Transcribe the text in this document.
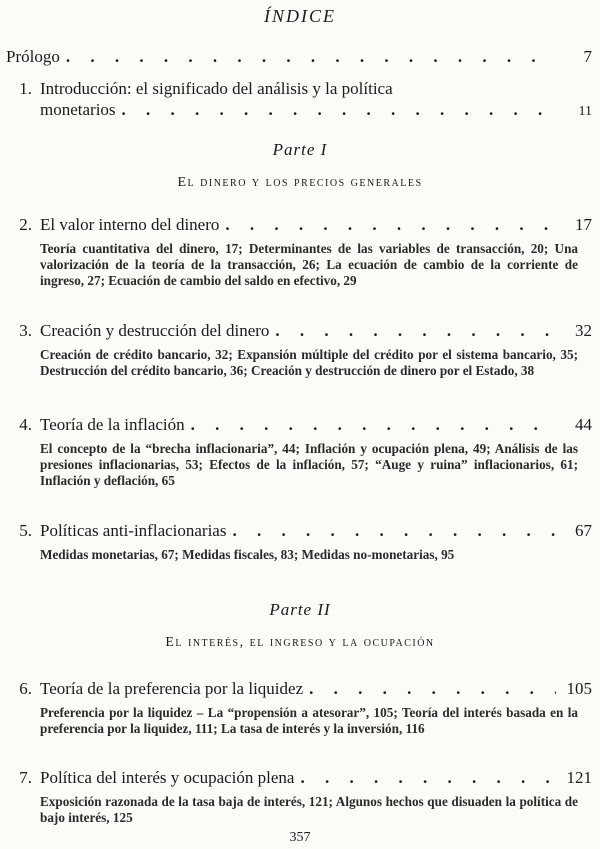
ÍNDICE
Prólogo . . .	7
1. Introducción: el significado del análisis y la política
monetarios . . .	11
Parte I
El dinero y los precios generales
2. El valor interno del dinero . . .	17
Teoría cuantitativa del dinero, 17; Determinantes de las variables de transacción, 20; Una valorización de la teoría de la transacción, 26; La ecuación de cambio de la corriente de ingreso, 27; Ecuación de cambio del saldo en efectivo, 29
3. Creación y destrucción del dinero . . .	32
Creación de crédito bancario, 32; Expansión múltiple del crédito por el sistema bancario, 35; Destrucción del crédito bancario, 36; Creación y destrucción de dinero por el Estado, 38
4. Teoría de la inflación . . .	44
El concepto de la “brecha inflacionaria”, 44; Inflación y ocupación plena, 49; Análisis de las presiones inflacionarias, 53; Efectos de la inflación, 57; “Auge y ruina” inflacionarios, 61; Inflación y deflación, 65
5. Políticas anti-inflacionarias . . .	67
Medidas monetarias, 67; Medidas fiscales, 83; Medidas no-monetarias, 95
Parte II
El interés, el ingreso y la ocupación
6. Teoría de la preferencia por la liquidez . . .	105
Preferencia por la liquidez – La “propensión a atesorar”, 105; Teoría del interés basada en la preferencia por la liquidez, 111; La tasa de interés y la inversión, 116
7. Política del interés y ocupación plena . . .	121
Exposición razonada de la tasa baja de interés, 121; Algunos hechos que disuaden la política de bajo interés, 125
357
